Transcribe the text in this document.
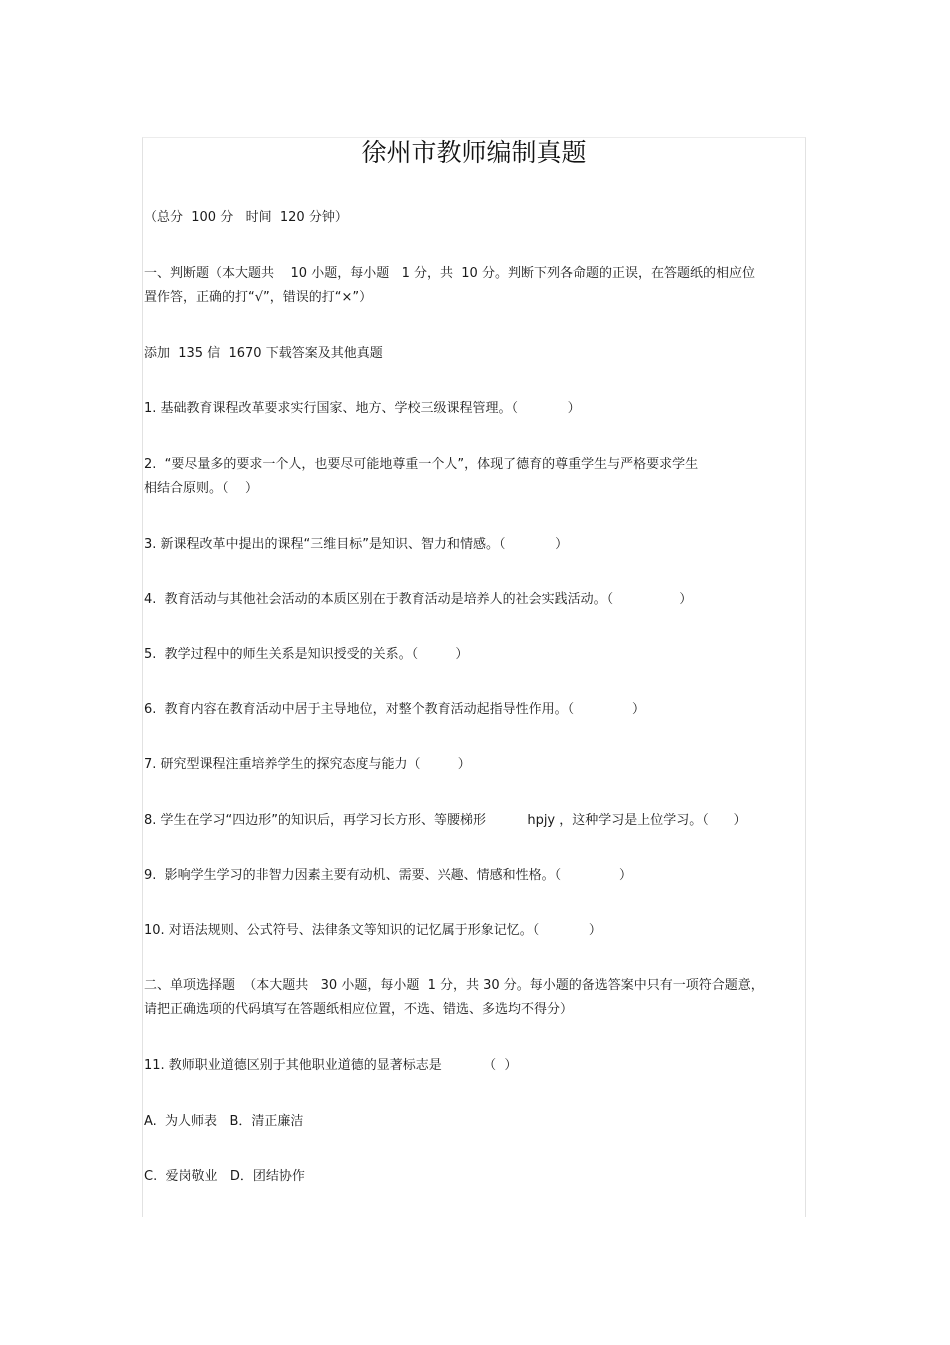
徐州市教师编制真题
（总分  100 分   时间  120 分钟）
一、判断题（本大题共    10 小题，每小题   1 分，共  10 分。判断下列各命题的正误，在答题纸的相应位
置作答，正确的打“√”，错误的打“×”）
添加  135 信  1670 下载答案及其他真题
1. 基础教育课程改革要求实行国家、地方、学校三级课程管理。（            ）
2.  “要尽量多的要求一个人，也要尽可能地尊重一个人”，体现了德育的尊重学生与严格要求学生
相结合原则。（    ）
3. 新课程改革中提出的课程“三维目标”是知识、智力和情感。（            ）
4.  教育活动与其他社会活动的本质区别在于教育活动是培养人的社会实践活动。（                ）
5.  教学过程中的师生关系是知识授受的关系。（         ）
6.  教育内容在教育活动中居于主导地位，对整个教育活动起指导性作用。（              ）
7. 研究型课程注重培养学生的探究态度与能力（         ）
8. 学生在学习“四边形”的知识后，再学习长方形、等腰梯形          hpjy ，这种学习是上位学习。（      ）
9.  影响学生学习的非智力因素主要有动机、需要、兴趣、情感和性格。（              ）
10. 对语法规则、公式符号、法律条文等知识的记忆属于形象记忆。（            ）
二、单项选择题  （本大题共   30 小题，每小题  1 分，共 30 分。每小题的备选答案中只有一项符合题意，
请把正确选项的代码填写在答题纸相应位置，不选、错选、多选均不得分）
11. 教师职业道德区别于其他职业道德的显著标志是          （  ）
A.  为人师表   B．清正廉洁
C.  爱岗敬业   D．团结协作
